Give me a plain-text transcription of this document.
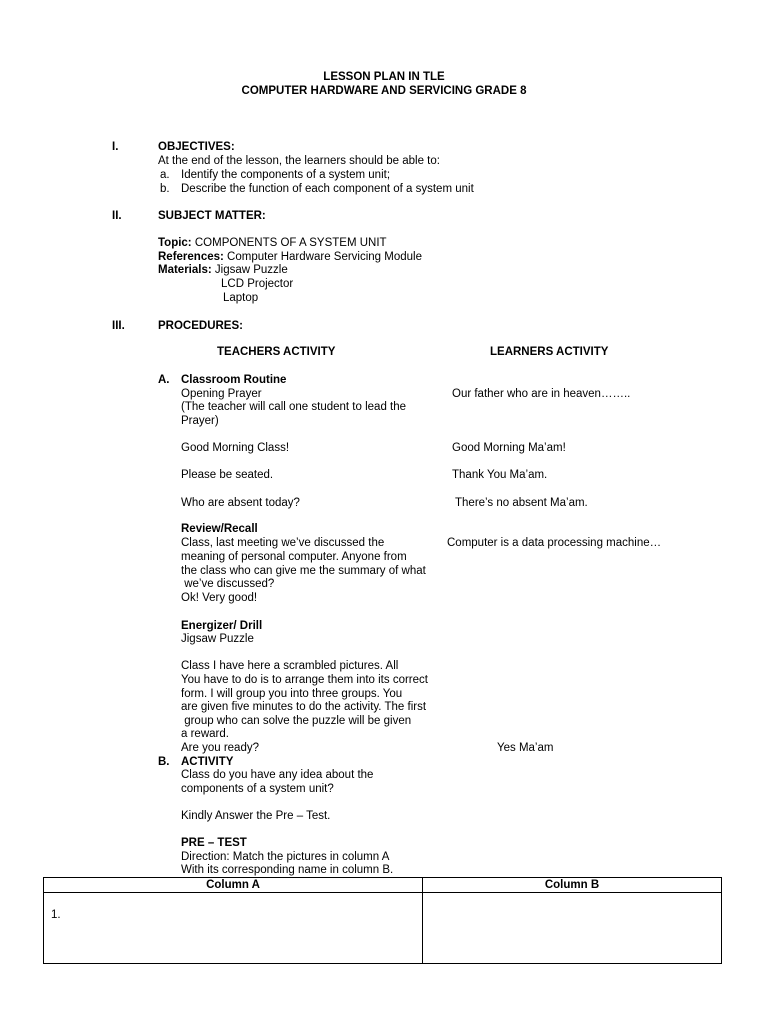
LESSON PLAN IN TLE
COMPUTER HARDWARE AND SERVICING GRADE 8
I.	OBJECTIVES:
At the end of the lesson, the learners should be able to:
a. Identify the components of a system unit;
b. Describe the function of each component of a system unit
II.	SUBJECT MATTER:
Topic: COMPONENTS OF A SYSTEM UNIT
References: Computer Hardware Servicing Module
Materials: Jigsaw Puzzle
LCD Projector
Laptop
III.	PROCEDURES:
TEACHERS ACTIVITY	LEARNERS ACTIVITY
A. Classroom Routine
Opening Prayer	Our father who are in heaven……..
(The teacher will call one student to lead the
Prayer)
Good Morning Class!	Good Morning Ma’am!
Please be seated.	Thank You Ma’am.
Who are absent today?	There’s no absent Ma’am.
Review/Recall
Class, last meeting we’ve discussed the	Computer is a data processing machine…
meaning of personal computer. Anyone from
the class who can give me the summary of what
we’ve discussed?
Ok! Very good!
Energizer/ Drill
Jigsaw Puzzle
Class I have here a scrambled pictures. All
You have to do is to arrange them into its correct
form. I will group you into three groups. You
are given five minutes to do the activity. The first
group who can solve the puzzle will be given
a reward.
Are you ready?	Yes Ma’am
B. ACTIVITY
Class do you have any idea about the
components of a system unit?
Kindly Answer the Pre – Test.
PRE – TEST
Direction: Match the pictures in column A
With its corresponding name in column B.
Column A	Column B
1.	
